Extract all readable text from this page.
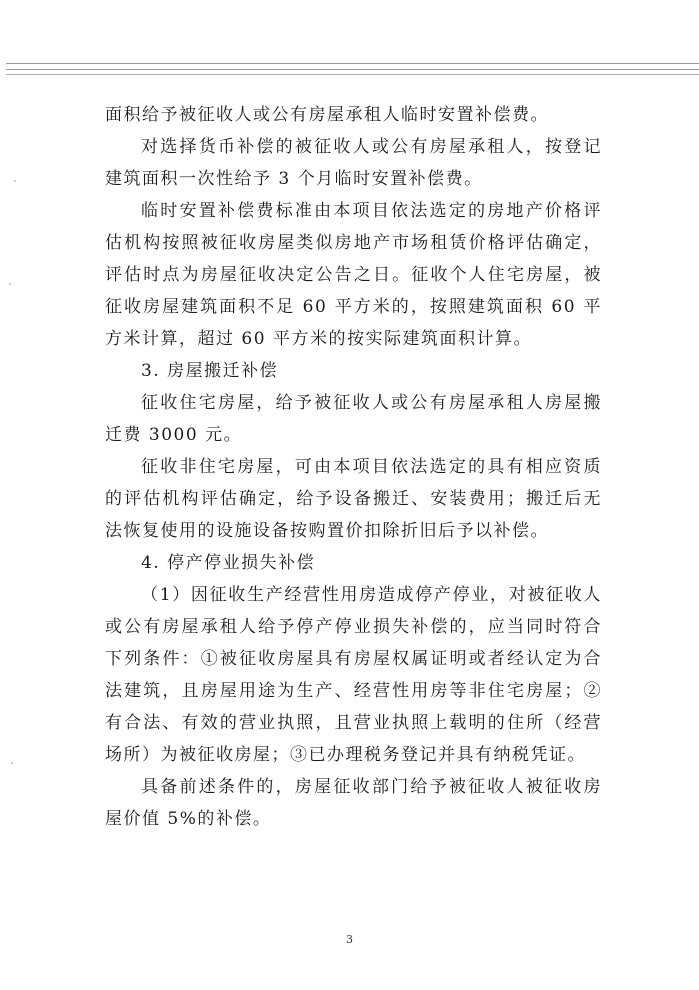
面积给予被征收人或公有房屋承租人临时安置补偿费。

对选择货币补偿的被征收人或公有房屋承租人，按登记建筑面积一次性给予 3 个月临时安置补偿费。

临时安置补偿费标准由本项目依法选定的房地产价格评估机构按照被征收房屋类似房地产市场租赁价格评估确定，评估时点为房屋征收决定公告之日。征收个人住宅房屋，被征收房屋建筑面积不足 60 平方米的，按照建筑面积 60 平方米计算，超过 60 平方米的按实际建筑面积计算。

3. 房屋搬迁补偿

征收住宅房屋，给予被征收人或公有房屋承租人房屋搬迁费 3000 元。

征收非住宅房屋，可由本项目依法选定的具有相应资质的评估机构评估确定，给予设备搬迁、安装费用；搬迁后无法恢复使用的设施设备按购置价扣除折旧后予以补偿。

4. 停产停业损失补偿

（1）因征收生产经营性用房造成停产停业，对被征收人或公有房屋承租人给予停产停业损失补偿的，应当同时符合下列条件：①被征收房屋具有房屋权属证明或者经认定为合法建筑，且房屋用途为生产、经营性用房等非住宅房屋；②有合法、有效的营业执照，且营业执照上载明的住所（经营场所）为被征收房屋；③已办理税务登记并具有纳税凭证。

具备前述条件的，房屋征收部门给予被征收人被征收房屋价值 5%的补偿。

3
